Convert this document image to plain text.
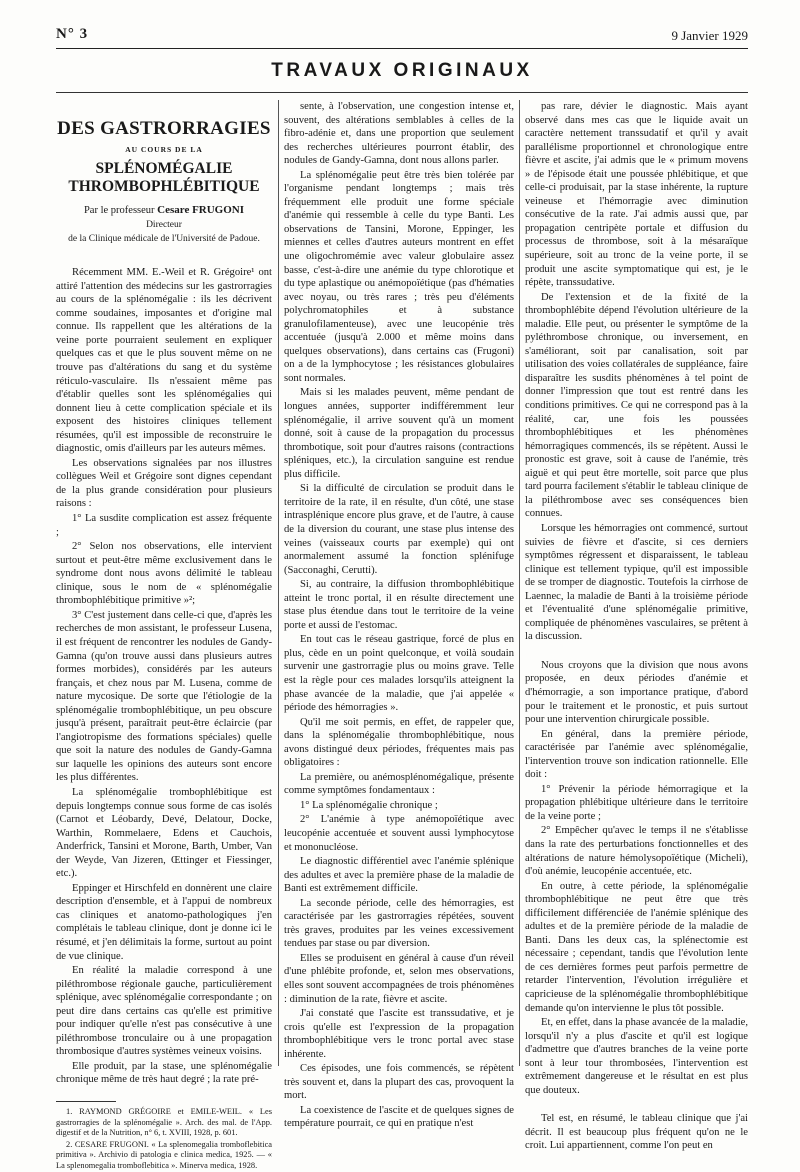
N° 3	9 Janvier 1929
TRAVAUX ORIGINAUX
DES GASTRORRAGIES
AU COURS DE LA
SPLÉNOMÉGALIE THROMBOPHLÉBITIQUE
Par le professeur Cesare FRUGONI
Directeur
de la Clinique médicale de l'Université de Padoue.

Récemment MM. E.-Weil et R. Grégoire¹ ont attiré l'attention des médecins sur les gastrorragies au cours de la splénomégalie : ils les décrivent comme soudaines, imposantes et d'origine mal connue. Ils rappellent que les altérations de la veine porte pourraient seulement en expliquer quelques cas et que le plus souvent même on ne trouve pas d'altérations du sang et du système réticulo-vasculaire. Ils n'essaient même pas d'établir quelles sont les splénomégalies qui donnent lieu à cette complication spéciale et ils exposent des histoires cliniques tellement résumées, qu'il est impossible de reconstruire le diagnostic, omis d'ailleurs par les auteurs mêmes.

Les observations signalées par nos illustres collègues Weil et Grégoire sont dignes cependant de la plus grande considération pour plusieurs raisons :

1° La susdite complication est assez fréquente ;

2° Selon nos observations, elle intervient surtout et peut-être même exclusivement dans le syndrome dont nous avons délimité le tableau clinique, sous le nom de « splénomégalie thrombophlébitique primitive »²;

3° C'est justement dans celle-ci que, d'après les recherches de mon assistant, le professeur Lusena, il est fréquent de rencontrer les nodules de Gandy-Gamna (qu'on trouve aussi dans plusieurs autres formes morbides), considérés par les auteurs français, et chez nous par M. Lusena, comme de nature mycosique. De sorte que l'étiologie de la splénomégalie trombophlébitique, un peu obscure jusqu'à présent, paraîtrait peut-être éclaircie (par l'angiotropisme des formations spéciales) quelle que soit la nature des nodules de Gandy-Gamna sur laquelle les opinions des auteurs sont encore les plus différentes.

La splénomégalie trombophlébitique est depuis longtemps connue sous forme de cas isolés (Carnot et Léobardy, Devé, Delatour, Docke, Warthin, Rommelaere, Edens et Cauchois, Anderfrick, Tansini et Morone, Barth, Umber, Van der Weyde, Van Jizeren, Œttinger et Fiessinger, etc.).

Eppinger et Hirschfeld en donnèrent une claire description d'ensemble, et à l'appui de nombreux cas cliniques et anatomo-pathologiques j'en complétais le tableau clinique, dont je donne ici le résumé, et j'en délimitais la forme, surtout au point de vue clinique.

En réalité la maladie correspond à une piléthrombose régionale gauche, particulièrement splénique, avec splénomégalie correspondante ; on peut dire dans certains cas qu'elle est primitive pour indiquer qu'elle n'est pas consécutive à une piléthrombose tronculaire ou à une propagation thrombosique d'autres systèmes veineux voisins.

Elle produit, par la stase, une splénomégalie chronique même de très haut degré ; la rate pré-

1. RAYMOND GRÉGOIRE et EMILE-WEIL. « Les gastrorragies de la splénomégalie ». Arch. des mal. de l'App. digestif et de la Nutrition, n° 6, t. XVIII, 1928, p. 601.

2. CESARE FRUGONI. « La splenomegalia tromboflebitica primitiva ». Archivio di patologia e clinica medica, 1925. — « La splenomegalia tromboflebitica ». Minerva medica, 1928.

sente, à l'observation, une congestion intense et, souvent, des altérations semblables à celles de la fibro-adénie et, dans une proportion que seulement des recherches ultérieures pourront établir, des nodules de Gandy-Gamna, dont nous allons parler.

La splénomégalie peut être très bien tolérée par l'organisme pendant longtemps ; mais très fréquemment elle produit une forme spéciale d'anémie qui ressemble à celle du type Banti. Les observations de Tansini, Morone, Eppinger, les miennes et celles d'autres auteurs montrent en effet une oligochromémie avec valeur globulaire assez basse, c'est-à-dire une anémie du type chlorotique et du type aplastique ou anémopoïétique (pas d'hématies avec noyau, ou très rares ; très peu d'éléments polychromatophiles et à substance granulofilamenteuse), avec une leucopénie très accentuée (jusqu'à 2.000 et même moins dans quelques observations), dans certains cas (Frugoni) on a de la lymphocytose ; les résistances globulaires sont normales.

Mais si les malades peuvent, même pendant de longues années, supporter indifféremment leur splénomégalie, il arrive souvent qu'à un moment donné, soit à cause de la propagation du processus thrombotique, soit pour d'autres raisons (contractions spléniques, etc.), la circulation sanguine est rendue plus difficile.

Si la difficulté de circulation se produit dans le territoire de la rate, il en résulte, d'un côté, une stase intrasplénique encore plus grave, et de l'autre, à cause de la diversion du courant, une stase plus intense des veines (vaisseaux courts par exemple) qui ont anormalement assumé la fonction splénifuge (Sacconaghi, Cerutti).

Si, au contraire, la diffusion thrombophlébitique atteint le tronc portal, il en résulte directement une stase plus étendue dans tout le territoire de la veine porte et aussi de l'estomac.

En tout cas le réseau gastrique, forcé de plus en plus, cède en un point quelconque, et voilà soudain survenir une gastrorragie plus ou moins grave. Telle est la règle pour ces malades lorsqu'ils atteignent la phase avancée de la maladie, que j'ai appelée « période des hémorragies ».

Qu'il me soit permis, en effet, de rappeler que, dans la splénomégalie thrombophlébitique, nous avons distingué deux périodes, fréquentes mais pas obligatoires :

La première, ou anémosplénomégalique, présente comme symptômes fondamentaux :

1° La splénomégalie chronique ;

2° L'anémie à type anémopoïétique avec leucopénie accentuée et souvent aussi lymphocytose et mononucléose.

Le diagnostic différentiel avec l'anémie splénique des adultes et avec la première phase de la maladie de Banti est extrêmement difficile.

La seconde période, celle des hémorragies, est caractérisée par les gastrorragies répétées, souvent très graves, produites par les veines excessivement tendues par stase ou par diversion.

Elles se produisent en général à cause d'un réveil d'une phlébite profonde, et, selon mes observations, elles sont souvent accompagnées de trois phénomènes : diminution de la rate, fièvre et ascite.

J'ai constaté que l'ascite est transsudative, et je crois qu'elle est l'expression de la propagation thrombophlébitique vers le tronc portal avec stase inhérente.

Ces épisodes, une fois commencés, se répètent très souvent et, dans la plupart des cas, provoquent la mort.

La coexistence de l'ascite et de quelques signes de température pourrait, ce qui en pratique n'est

pas rare, dévier le diagnostic. Mais ayant observé dans mes cas que le liquide avait un caractère nettement transsudatif et qu'il y avait parallélisme proportionnel et chronologique entre fièvre et ascite, j'ai admis que le « primum movens » de l'épisode était une poussée phlébitique, et que celle-ci produisait, par la stase inhérente, la rupture veineuse et l'hémorragie avec diminution consécutive de la rate. J'ai admis aussi que, par propagation centripète portale et diffusion du processus de thrombose, soit à la mésaraïque supérieure, soit au tronc de la veine porte, il se produit une ascite symptomatique qui est, je le répète, transsudative.

De l'extension et de la fixité de la thrombophlébite dépend l'évolution ultérieure de la maladie. Elle peut, ou présenter le symptôme de la pyléthrombose chronique, ou inversement, en s'améliorant, soit par canalisation, soit par utilisation des voies collatérales de suppléance, faire disparaître les susdits phénomènes à tel point de donner l'impression que tout est rentré dans les conditions primitives. Ce qui ne correspond pas à la réalité, car, une fois les poussées thrombophlébitiques et les phénomènes hémorragiques commencés, ils se répètent. Aussi le pronostic est grave, soit à cause de l'anémie, très aiguë et qui peut être mortelle, soit parce que plus tard pourra facilement s'établir le tableau clinique de la piléthrombose avec ses conséquences bien connues.

Lorsque les hémorragies ont commencé, surtout suivies de fièvre et d'ascite, si ces derniers symptômes régressent et disparaissent, le tableau clinique est tellement typique, qu'il est impossible de se tromper de diagnostic. Toutefois la cirrhose de Laennec, la maladie de Banti à la troisième période et l'éventualité d'une splénomégalie primitive, compliquée de phénomènes vasculaires, se prêtent à la discussion.

Nous croyons que la division que nous avons proposée, en deux périodes d'anémie et d'hémorragie, a son importance pratique, d'abord pour le traitement et le pronostic, et puis surtout pour une intervention chirurgicale possible.

En général, dans la première période, caractérisée par l'anémie avec splénomégalie, l'intervention trouve son indication rationnelle. Elle doit :

1° Prévenir la période hémorragique et la propagation phlébitique ultérieure dans le territoire de la veine porte ;

2° Empêcher qu'avec le temps il ne s'établisse dans la rate des perturbations fonctionnelles et des altérations de nature hémolysopoïétique (Micheli), d'où anémie, leucopénie accentuée, etc.

En outre, à cette période, la splénomégalie thrombophlébitique ne peut être que très difficilement différenciée de l'anémie splénique des adultes et de la première période de la maladie de Banti. Dans les deux cas, la splénectomie est nécessaire ; cependant, tandis que l'évolution lente de ces dernières formes peut parfois permettre de retarder l'intervention, l'évolution irrégulière et capricieuse de la splénomégalie thrombophlébitique demande qu'on intervienne le plus tôt possible.

Et, en effet, dans la phase avancée de la maladie, lorsqu'il n'y a plus d'ascite et qu'il est logique d'admettre que d'autres branches de la veine porte sont à leur tour thrombosées, l'intervention est extrêmement dangereuse et le résultat en est plus que douteux.

Tel est, en résumé, le tableau clinique que j'ai décrit. Il est beaucoup plus fréquent qu'on ne le croit. Lui appartiennent, comme l'on peut en
